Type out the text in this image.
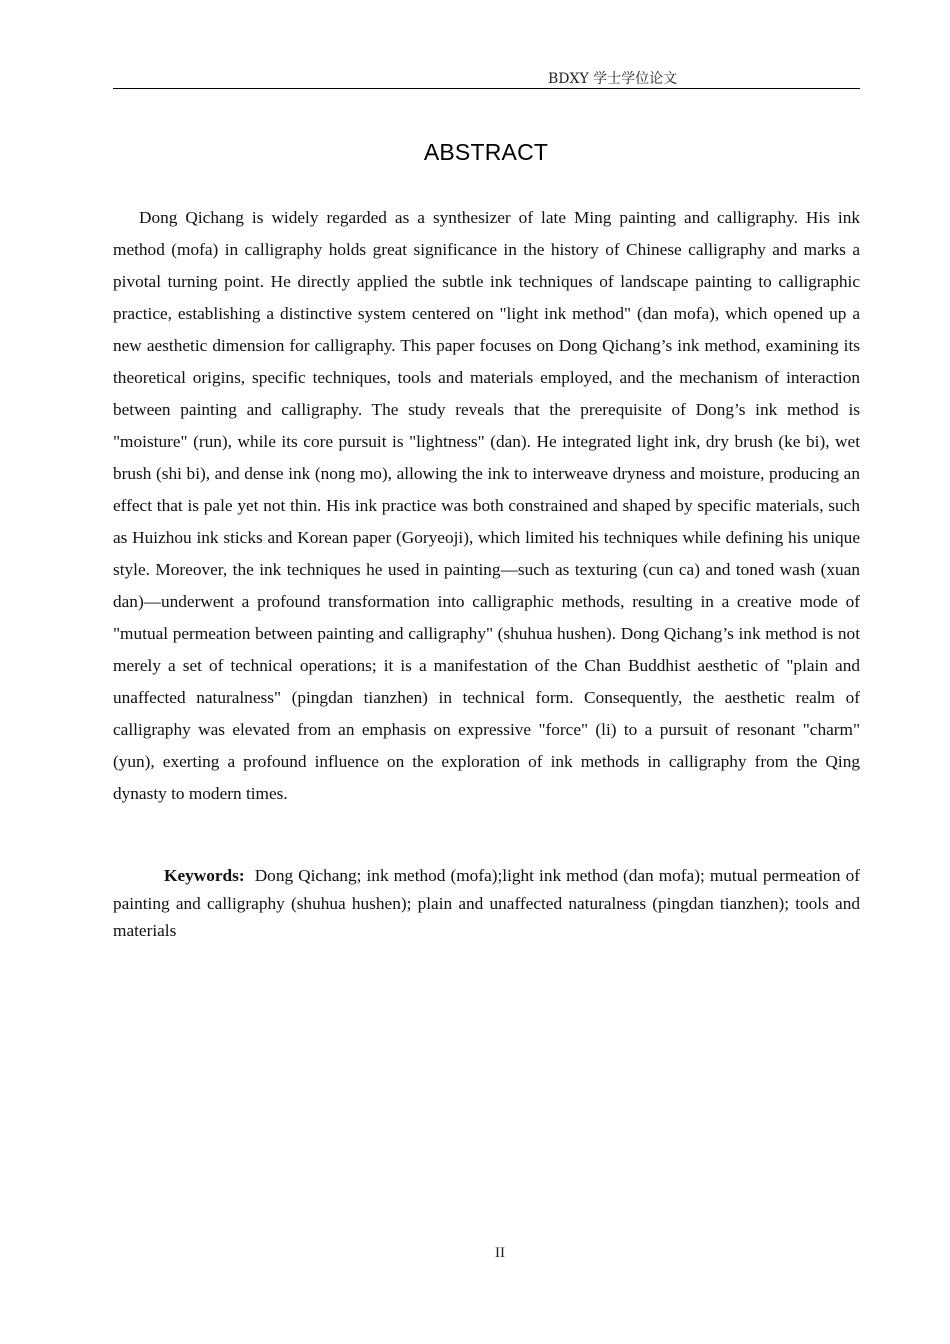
BDXY 学士学位论文
ABSTRACT

Dong Qichang is widely regarded as a synthesizer of late Ming painting and calligraphy. His ink method (mofa) in calligraphy holds great significance in the history of Chinese calligraphy and marks a pivotal turning point. He directly applied the subtle ink techniques of landscape painting to calligraphic practice, establishing a distinctive system centered on "light ink method" (dan mofa), which opened up a new aesthetic dimension for calligraphy. This paper focuses on Dong Qichang’s ink method, examining its theoretical origins, specific techniques, tools and materials employed, and the mechanism of interaction between painting and calligraphy. The study reveals that the prerequisite of Dong’s ink method is "moisture" (run), while its core pursuit is "lightness" (dan). He integrated light ink, dry brush (ke bi), wet brush (shi bi), and dense ink (nong mo), allowing the ink to interweave dryness and moisture, producing an effect that is pale yet not thin. His ink practice was both constrained and shaped by specific materials, such as Huizhou ink sticks and Korean paper (Goryeoji), which limited his techniques while defining his unique style. Moreover, the ink techniques he used in painting—such as texturing (cun ca) and toned wash (xuan dan)—underwent a profound transformation into calligraphic methods, resulting in a creative mode of "mutual permeation between painting and calligraphy" (shuhua hushen). Dong Qichang’s ink method is not merely a set of technical operations; it is a manifestation of the Chan Buddhist aesthetic of "plain and unaffected naturalness" (pingdan tianzhen) in technical form. Consequently, the aesthetic realm of calligraphy was elevated from an emphasis on expressive "force" (li) to a pursuit of resonant "charm" (yun), exerting a profound influence on the exploration of ink methods in calligraphy from the Qing dynasty to modern times.

Keywords: Dong Qichang; ink method (mofa);light ink method (dan mofa); mutual permeation of painting and calligraphy (shuhua hushen); plain and unaffected naturalness (pingdan tianzhen); tools and materials

II
